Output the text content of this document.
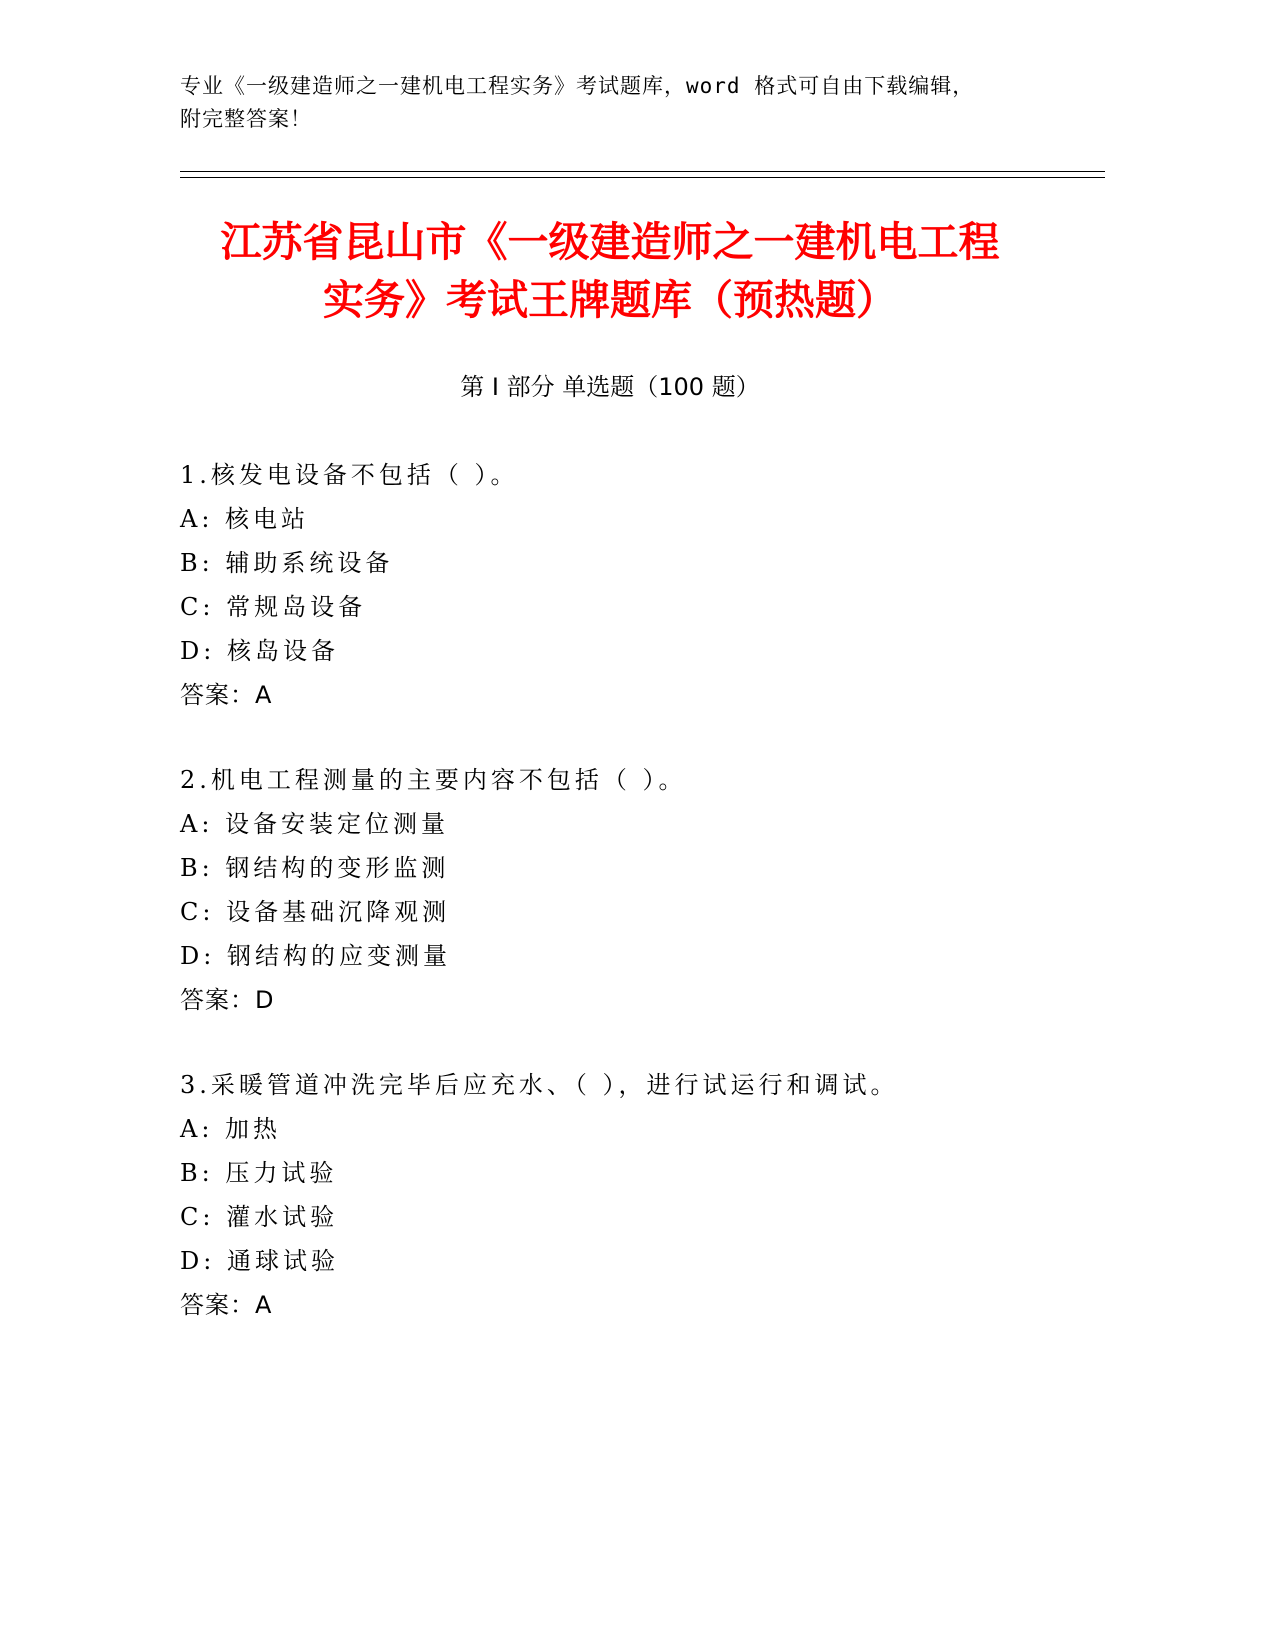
专业《一级建造师之一建机电工程实务》考试题库，word 格式可自由下载编辑，
附完整答案！
江苏省昆山市《一级建造师之一建机电工程
实务》考试王牌题库（预热题）
第 I 部分 单选题（100 题）
1.核发电设备不包括（ ）。
A: 核电站
B: 辅助系统设备
C: 常规岛设备
D: 核岛设备
答案：A
2.机电工程测量的主要内容不包括（ ）。
A: 设备安装定位测量
B: 钢结构的变形监测
C: 设备基础沉降观测
D: 钢结构的应变测量
答案：D
3.采暖管道冲洗完毕后应充水、（ ），进行试运行和调试。
A: 加热
B: 压力试验
C: 灌水试验
D: 通球试验
答案：A
